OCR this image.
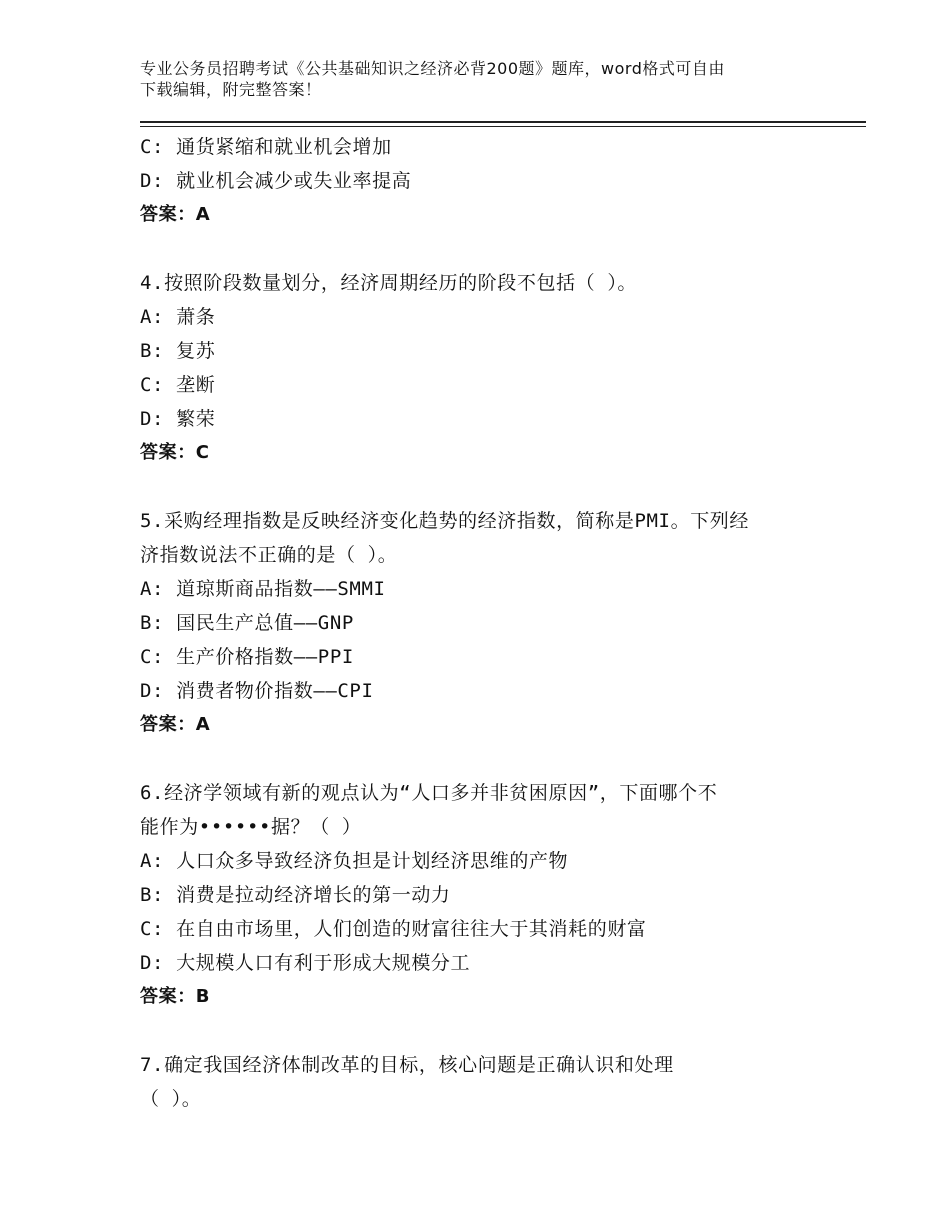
专业公务员招聘考试《公共基础知识之经济必背200题》题库，word格式可自由
下载编辑，附完整答案！
C: 通货紧缩和就业机会增加
D: 就业机会减少或失业率提高
答案：A
4.按照阶段数量划分，经济周期经历的阶段不包括（ ）。
A: 萧条
B: 复苏
C: 垄断
D: 繁荣
答案：C
5.采购经理指数是反映经济变化趋势的经济指数，简称是PMI。下列经
济指数说法不正确的是（ ）。
A: 道琼斯商品指数——SMMI
B: 国民生产总值——GNP
C: 生产价格指数——PPI
D: 消费者物价指数——CPI
答案：A
6.经济学领域有新的观点认为“人口多并非贫困原因”，下面哪个不
能作为••••••据？（ ）
A: 人口众多导致经济负担是计划经济思维的产物
B: 消费是拉动经济增长的第一动力
C: 在自由市场里，人们创造的财富往往大于其消耗的财富
D: 大规模人口有利于形成大规模分工
答案：B
7.确定我国经济体制改革的目标，核心问题是正确认识和处理
（ ）。
